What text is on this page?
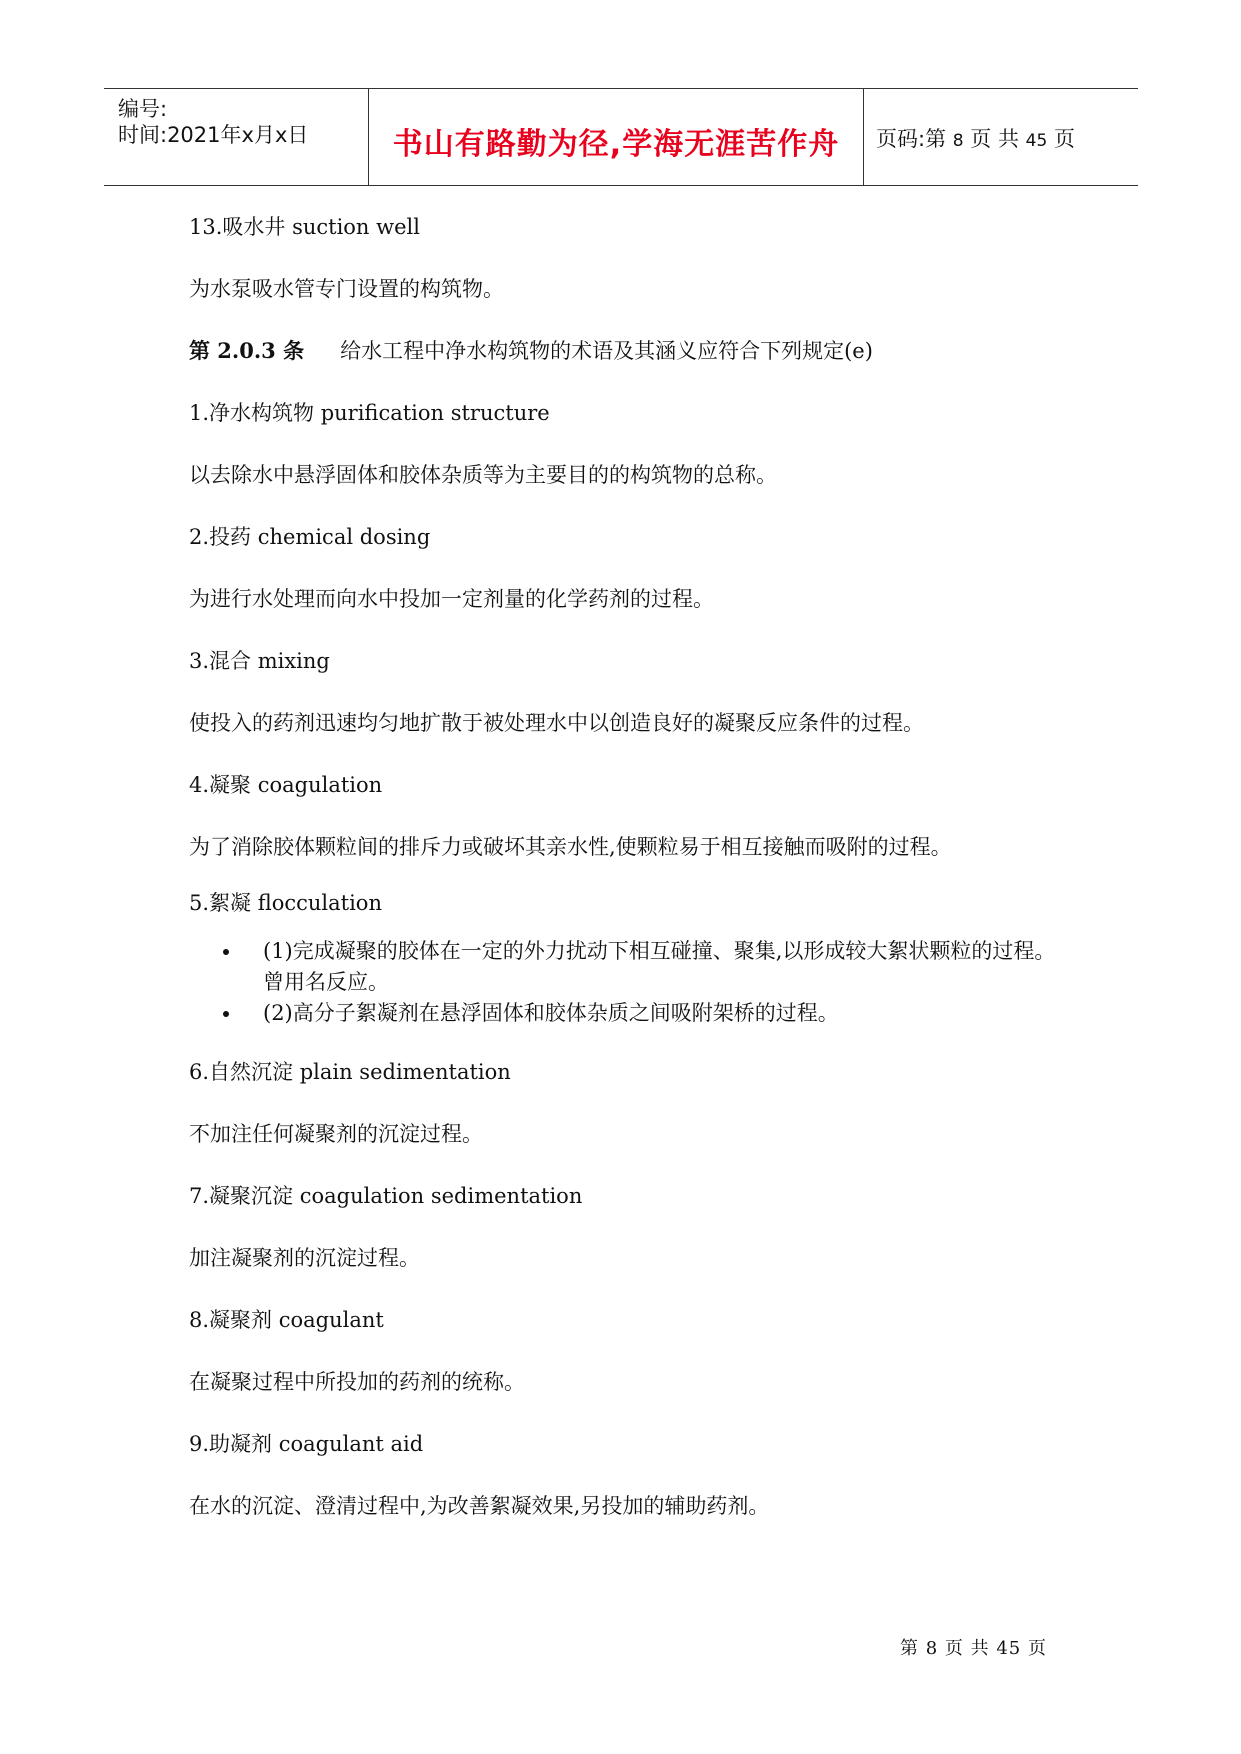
编号:
时间:2021年x月x日	书山有路勤为径,学海无涯苦作舟	页码:第 8 页 共 45 页

13.吸水井 suction well

为水泵吸水管专门设置的构筑物。

第 2.0.3 条 给水工程中净水构筑物的术语及其涵义应符合下列规定(e)

1.净水构筑物 purification structure

以去除水中悬浮固体和胶体杂质等为主要目的的构筑物的总称。

2.投药 chemical dosing

为进行水处理而向水中投加一定剂量的化学药剂的过程。

3.混合 mixing

使投入的药剂迅速均匀地扩散于被处理水中以创造良好的凝聚反应条件的过程。

4.凝聚 coagulation

为了消除胶体颗粒间的排斥力或破坏其亲水性,使颗粒易于相互接触而吸附的过程。

5.絮凝 flocculation

(1)完成凝聚的胶体在一定的外力扰动下相互碰撞、聚集,以形成较大絮状颗粒的过程。曾用名反应。
(2)高分子絮凝剂在悬浮固体和胶体杂质之间吸附架桥的过程。

6.自然沉淀 plain sedimentation

不加注任何凝聚剂的沉淀过程。

7.凝聚沉淀 coagulation sedimentation

加注凝聚剂的沉淀过程。

8.凝聚剂 coagulant

在凝聚过程中所投加的药剂的统称。

9.助凝剂 coagulant aid

在水的沉淀、澄清过程中,为改善絮凝效果,另投加的辅助药剂。

第 8 页 共 45 页
